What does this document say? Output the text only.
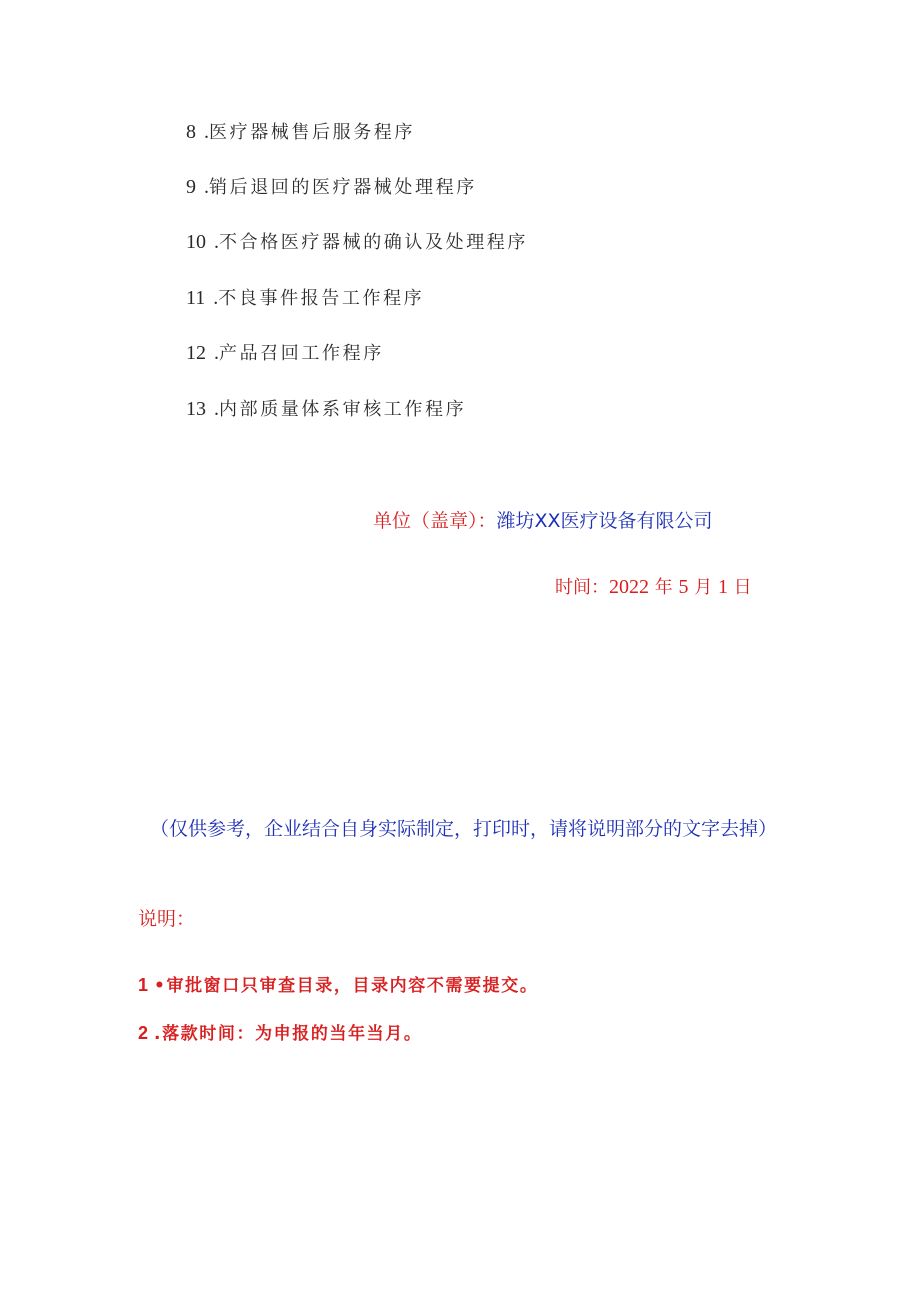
8 .医疗器械售后服务程序
9 .销后退回的医疗器械处理程序
10 .不合格医疗器械的确认及处理程序
11 .不良事件报告工作程序
12 .产品召回工作程序
13 .内部质量体系审核工作程序
单位（盖章）：潍坊XX医疗设备有限公司
时间：2022 年 5 月 1 日
（仅供参考，企业结合自身实际制定，打印时，请将说明部分的文字去掉）
说明：
1 •审批窗口只审查目录，目录内容不需要提交。
2 .落款时间：为申报的当年当月。
